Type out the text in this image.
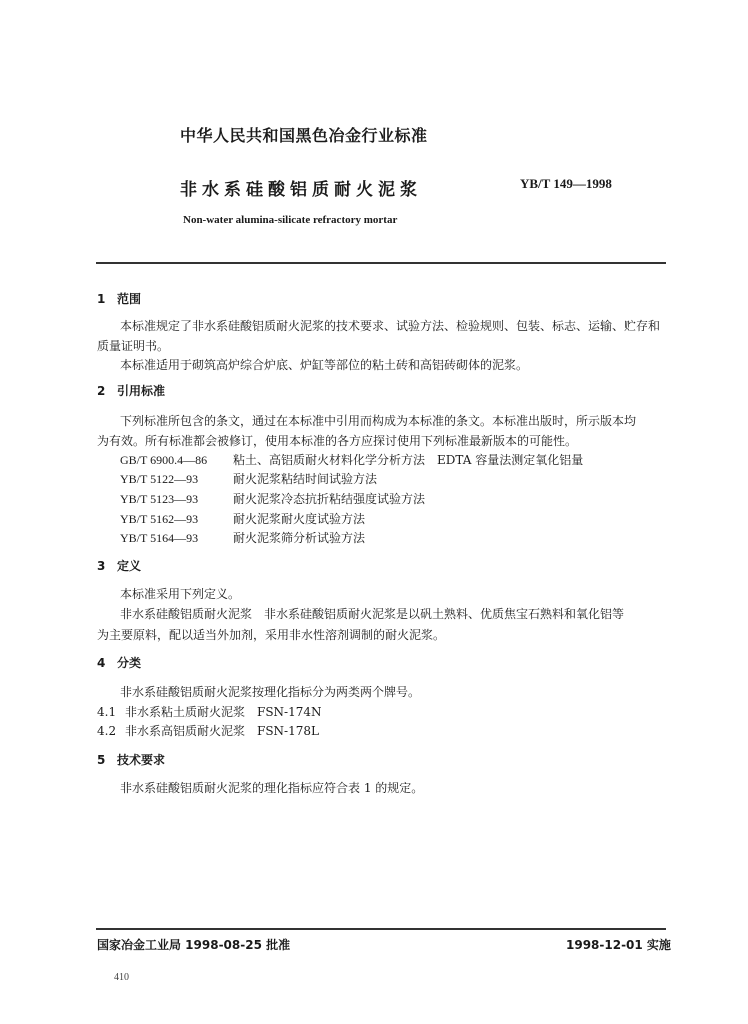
中华人民共和国黑色冶金行业标准
非水系硅酸铝质耐火泥浆	YB/T 149—1998
Non-water alumina-silicate refractory mortar
1 范围
本标准规定了非水系硅酸铝质耐火泥浆的技术要求、试验方法、检验规则、包装、标志、运输、贮存和
质量证明书。
本标准适用于砌筑高炉综合炉底、炉缸等部位的粘土砖和高铝砖砌体的泥浆。
2 引用标准
下列标准所包含的条文，通过在本标准中引用而构成为本标准的条文。本标准出版时，所示版本均
为有效。所有标准都会被修订，使用本标准的各方应探讨使用下列标准最新版本的可能性。
GB/T 6900.4—86 粘土、高铝质耐火材料化学分析方法　EDTA 容量法测定氧化铝量
YB/T 5122—93	耐火泥浆粘结时间试验方法
YB/T 5123—93	耐火泥浆冷态抗折粘结强度试验方法
YB/T 5162—93	耐火泥浆耐火度试验方法
YB/T 5164—93	耐火泥浆筛分析试验方法
3 定义
本标准采用下列定义。
非水系硅酸铝质耐火泥浆　非水系硅酸铝质耐火泥浆是以矾土熟料、优质焦宝石熟料和氧化铝等
为主要原料，配以适当外加剂，采用非水性溶剂调制的耐火泥浆。
4 分类
非水系硅酸铝质耐火泥浆按理化指标分为两类两个牌号。
4.1 非水系粘土质耐火泥浆　FSN-174N
4.2 非水系高铝质耐火泥浆　FSN-178L
5 技术要求
非水系硅酸铝质耐火泥浆的理化指标应符合表 1 的规定。
国家冶金工业局 1998-08-25 批准	1998-12-01 实施
410
